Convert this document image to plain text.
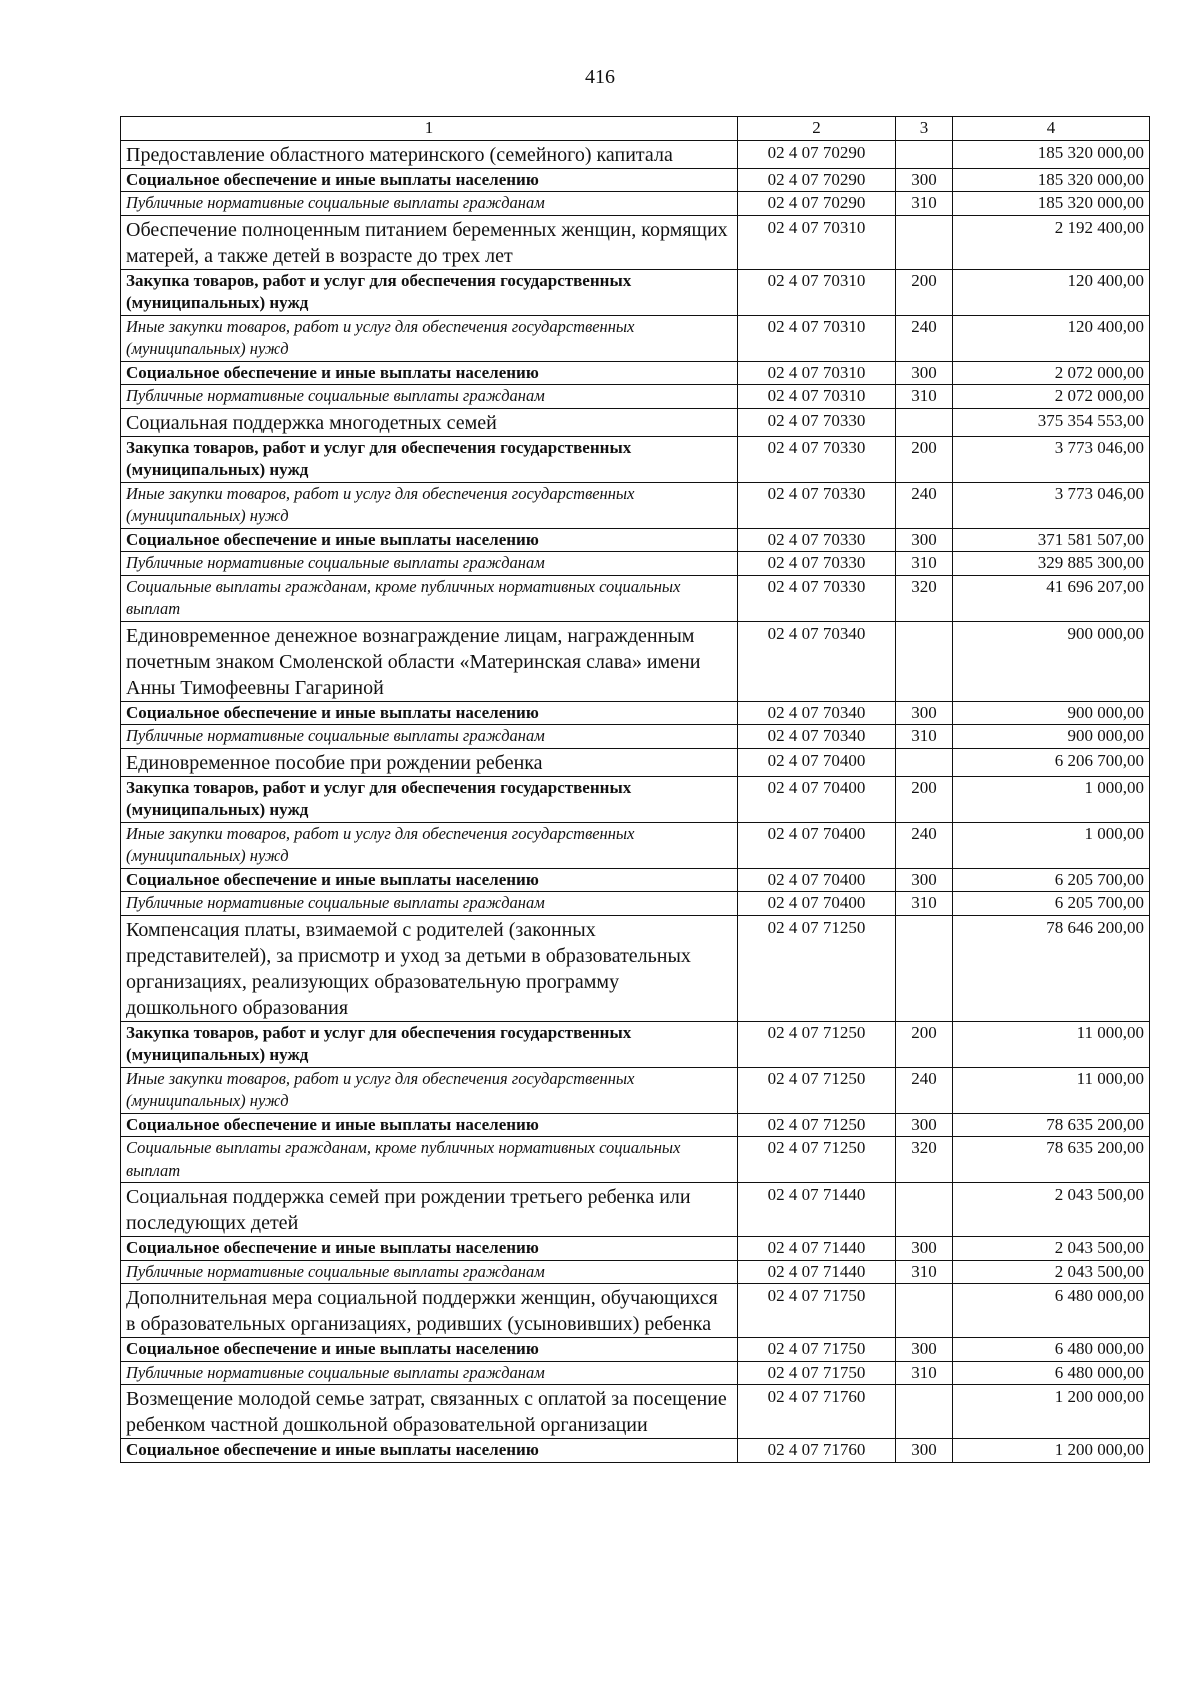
416
1	2	3	4
Предоставление областного материнского (семейного) капитала	02 4 07 70290		185 320 000,00
Социальное обеспечение и иные выплаты населению	02 4 07 70290	300	185 320 000,00
Публичные нормативные социальные выплаты гражданам	02 4 07 70290	310	185 320 000,00
Обеспечение полноценным питанием беременных женщин, кормящих матерей, а также детей в возрасте до трех лет	02 4 07 70310		2 192 400,00
Закупка товаров, работ и услуг для обеспечения государственных (муниципальных) нужд	02 4 07 70310	200	120 400,00
Иные закупки товаров, работ и услуг для обеспечения государственных (муниципальных) нужд	02 4 07 70310	240	120 400,00
Социальное обеспечение и иные выплаты населению	02 4 07 70310	300	2 072 000,00
Публичные нормативные социальные выплаты гражданам	02 4 07 70310	310	2 072 000,00
Социальная поддержка многодетных семей	02 4 07 70330		375 354 553,00
Закупка товаров, работ и услуг для обеспечения государственных (муниципальных) нужд	02 4 07 70330	200	3 773 046,00
Иные закупки товаров, работ и услуг для обеспечения государственных (муниципальных) нужд	02 4 07 70330	240	3 773 046,00
Социальное обеспечение и иные выплаты населению	02 4 07 70330	300	371 581 507,00
Публичные нормативные социальные выплаты гражданам	02 4 07 70330	310	329 885 300,00
Социальные выплаты гражданам, кроме публичных нормативных социальных выплат	02 4 07 70330	320	41 696 207,00
Единовременное денежное вознаграждение лицам, награжденным почетным знаком Смоленской области «Материнская слава» имени Анны Тимофеевны Гагариной	02 4 07 70340		900 000,00
Социальное обеспечение и иные выплаты населению	02 4 07 70340	300	900 000,00
Публичные нормативные социальные выплаты гражданам	02 4 07 70340	310	900 000,00
Единовременное пособие при рождении ребенка	02 4 07 70400		6 206 700,00
Закупка товаров, работ и услуг для обеспечения государственных (муниципальных) нужд	02 4 07 70400	200	1 000,00
Иные закупки товаров, работ и услуг для обеспечения государственных (муниципальных) нужд	02 4 07 70400	240	1 000,00
Социальное обеспечение и иные выплаты населению	02 4 07 70400	300	6 205 700,00
Публичные нормативные социальные выплаты гражданам	02 4 07 70400	310	6 205 700,00
Компенсация платы, взимаемой с родителей (законных представителей), за присмотр и уход за детьми в образовательных организациях, реализующих образовательную программу дошкольного образования	02 4 07 71250		78 646 200,00
Закупка товаров, работ и услуг для обеспечения государственных (муниципальных) нужд	02 4 07 71250	200	11 000,00
Иные закупки товаров, работ и услуг для обеспечения государственных (муниципальных) нужд	02 4 07 71250	240	11 000,00
Социальное обеспечение и иные выплаты населению	02 4 07 71250	300	78 635 200,00
Социальные выплаты гражданам, кроме публичных нормативных социальных выплат	02 4 07 71250	320	78 635 200,00
Социальная поддержка семей при рождении третьего ребенка или последующих детей	02 4 07 71440		2 043 500,00
Социальное обеспечение и иные выплаты населению	02 4 07 71440	300	2 043 500,00
Публичные нормативные социальные выплаты гражданам	02 4 07 71440	310	2 043 500,00
Дополнительная мера социальной поддержки женщин, обучающихся в образовательных организациях, родивших (усыновивших) ребенка	02 4 07 71750		6 480 000,00
Социальное обеспечение и иные выплаты населению	02 4 07 71750	300	6 480 000,00
Публичные нормативные социальные выплаты гражданам	02 4 07 71750	310	6 480 000,00
Возмещение молодой семье затрат, связанных с оплатой за посещение ребенком частной дошкольной образовательной организации	02 4 07 71760		1 200 000,00
Социальное обеспечение и иные выплаты населению	02 4 07 71760	300	1 200 000,00
